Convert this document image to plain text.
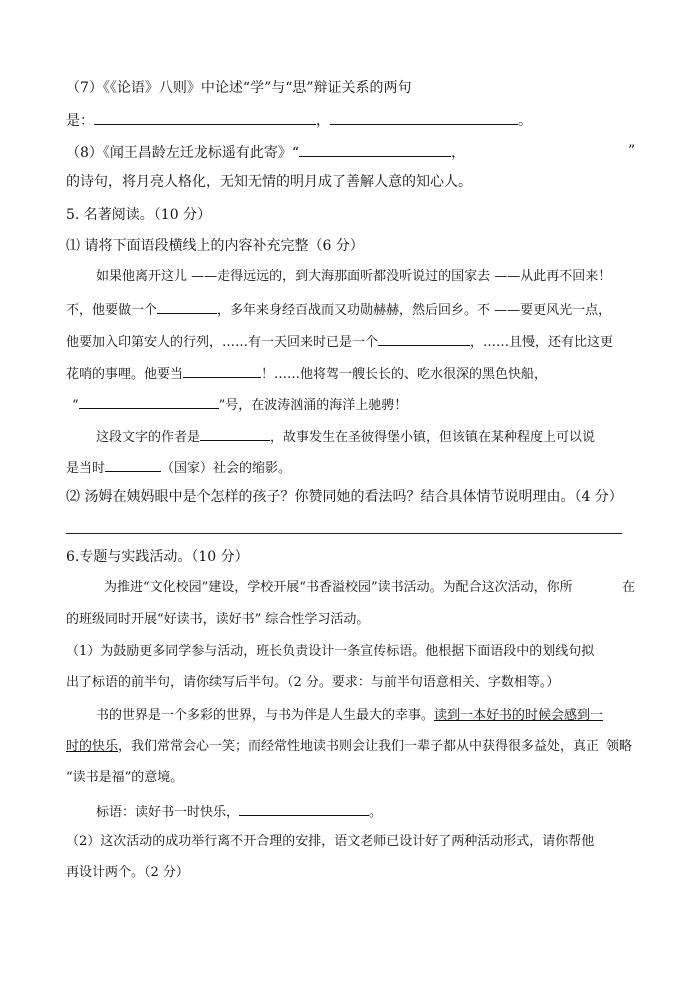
（7）《《论语》八则》中论述“学”与“思”辩证关系的两句
是：	，	。
（8）《闻王昌龄左迁龙标遥有此寄》“	，	”
的诗句，将月亮人格化，无知无情的明月成了善解人意的知心人。
5. 名著阅读。（10 分）
⑴ 请将下面语段横线上的内容补充完整（6 分）
如果他离开这儿 ——走得远远的，到大海那面听都没听说过的国家去 ——从此再不回来！
不，他要做一个	，多年来身经百战而又功勋赫赫，然后回乡。不 ——要更风光一点，
他要加入印第安人的行列，……有一天回来时已是一个	，……且慢，还有比这更
花哨的事哩。他要当	！……他将驾一艘长长的、吃水很深的黑色快船，
“	”号，在波涛汹涌的海洋上驰骋！
这段文字的作者是	，故事发生在圣彼得堡小镇，但该镇在某种程度上可以说
是当时	（国家）社会的缩影。
⑵ 汤姆在姨妈眼中是个怎样的孩子？你赞同她的看法吗？结合具体情节说明理由。（4 分）
6.专题与实践活动。（10 分）
为推进“文化校园”建设，学校开展“书香溢校园”读书活动。为配合这次活动，你所	在
的班级同时开展“好读书，读好书” 综合性学习活动。
（1）为鼓励更多同学参与活动，班长负责设计一条宣传标语。他根据下面语段中的划线句拟
出了标语的前半句，请你续写后半句。（2 分。要求：与前半句语意相关、字数相等。）
书的世界是一个多彩的世界，与书为伴是人生最大的幸事。读到一本好书的时候会感到一
时的快乐，我们常常会心一笑；而经常性地读书则会让我们一辈子都从中获得很多益处，真正 领略
“读书是福”的意境。
标语：读好书一时快乐，	。
（2）这次活动的成功举行离不开合理的安排，语文老师已设计好了两种活动形式，请你帮他
再设计两个。（2 分）
